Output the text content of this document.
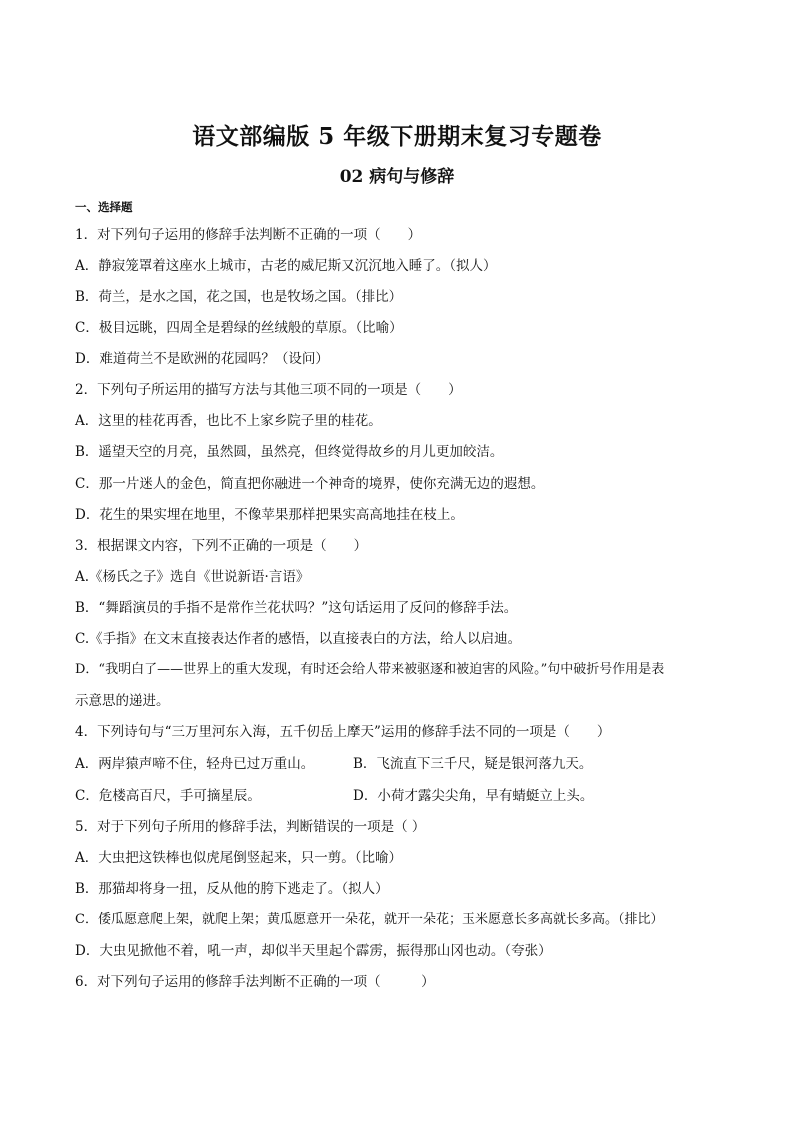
语文部编版 5 年级下册期末复习专题卷
02 病句与修辞
一、选择题
1．对下列句子运用的修辞手法判断不正确的一项（　　）
A．静寂笼罩着这座水上城市，古老的威尼斯又沉沉地入睡了。（拟人）
B．荷兰，是水之国，花之国，也是牧场之国。（排比）
C．极目远眺，四周全是碧绿的丝绒般的草原。（比喻）
D．难道荷兰不是欧洲的花园吗？（设问）
2．下列句子所运用的描写方法与其他三项不同的一项是（　　）
A．这里的桂花再香，也比不上家乡院子里的桂花。
B．遥望天空的月亮，虽然圆，虽然亮，但终觉得故乡的月儿更加皎洁。
C．那一片迷人的金色，简直把你融进一个神奇的境界，使你充满无边的遐想。
D．花生的果实埋在地里，不像苹果那样把果实高高地挂在枝上。
3．根据课文内容，下列不正确的一项是（　　）
A.《杨氏之子》选自《世说新语·言语》
B．“舞蹈演员的手指不是常作兰花状吗？”这句话运用了反问的修辞手法。
C.《手指》在文末直接表达作者的感悟，以直接表白的方法，给人以启迪。
D．“我明白了——世界上的重大发现，有时还会给人带来被驱逐和被迫害的风险。”句中破折号作用是表
示意思的递进。
4．下列诗句与“三万里河东入海，五千仞岳上摩天”运用的修辞手法不同的一项是（　　）
A．两岸猿声啼不住，轻舟已过万重山。	B．飞流直下三千尺，疑是银河落九天。
C．危楼高百尺，手可摘星辰。	D．小荷才露尖尖角，早有蜻蜓立上头。
5．对于下列句子所用的修辞手法，判断错误的一项是（ ）
A．大虫把这铁棒也似虎尾倒竖起来，只一剪。（比喻）
B．那猫却将身一扭，反从他的胯下逃走了。（拟人）
C．倭瓜愿意爬上架，就爬上架；黄瓜愿意开一朵花，就开一朵花；玉米愿意长多高就长多高。（排比）
D．大虫见掀他不着，吼一声，却似半天里起个霹雳，振得那山冈也动。（夸张）
6．对下列句子运用的修辞手法判断不正确的一项（　　　）
